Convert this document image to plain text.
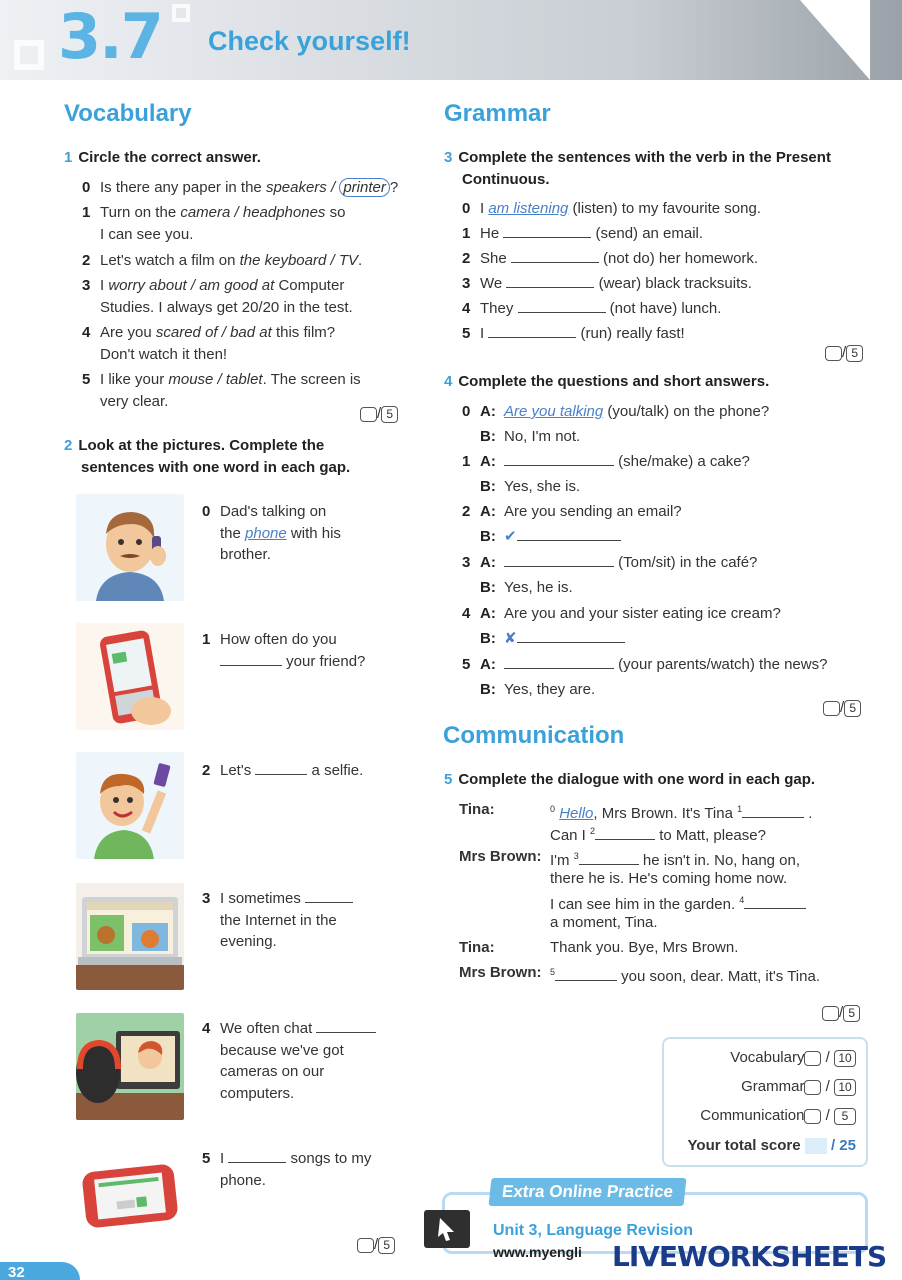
3.7 Check yourself!
Vocabulary
1 Circle the correct answer.
0 Is there any paper in the speakers / printer ?
1 Turn on the camera / headphones so
I can see you.
2 Let's watch a film on the keyboard / TV.
3 I worry about / am good at Computer
Studies. I always get 20/20 in the test.
4 Are you scared of / bad at this film?
Don't watch it then!
5 I like your mouse / tablet. The screen is
very clear.
/ 5
2 Look at the pictures. Complete the
sentences with one word in each gap.
0 Dad's talking on
the phone with his
brother.
1 How often do you
your friend?
2 Let's	a selfie.
3 I sometimes
the Internet in the
evening.
4 We often chat
because we've got
cameras on our
computers.
5 I	songs to my
phone.
/ 5
Grammar
3 Complete the sentences with the verb in the Present
Continuous.
0 I am listening (listen) to my favourite song.
1 He	(send) an email.
2 She	(not do) her homework.
3 We	(wear) black tracksuits.
4 They	(not have) lunch.
5 I	(run) really fast!
/ 5
4 Complete the questions and short answers.
0 A: Are you talking (you/talk) on the phone?
B: No, I'm not.
1 A:	(she/make) a cake?
B: Yes, she is.
2 A: Are you sending an email?
B: ✔
3 A:	(Tom/sit) in the café?
B: Yes, he is.
4 A: Are you and your sister eating ice cream?
B: ✘
5 A:	(your parents/watch) the news?
B: Yes, they are.
/ 5
Communication
5 Complete the dialogue with one word in each gap.
Tina:	$^0$ Hello, Mrs Brown. It's Tina $^1$	.
Can I $^2$	to Matt, please?
Mrs Brown: I'm $^3$	he isn't in. No, hang on,
there he is. He's coming home now.
I can see him in the garden. $^4$
a moment, Tina.
Tina:	Thank you. Bye, Mrs Brown.
Mrs Brown: $^5$	you soon, dear. Matt, it's Tina.
/ 5
Vocabulary / 10
Grammar / 10
Communication / 5
Your total score / 25
Extra Online Practice
Unit 3, Language Revision
www.myengli LIVEWORKSHEETS
32
